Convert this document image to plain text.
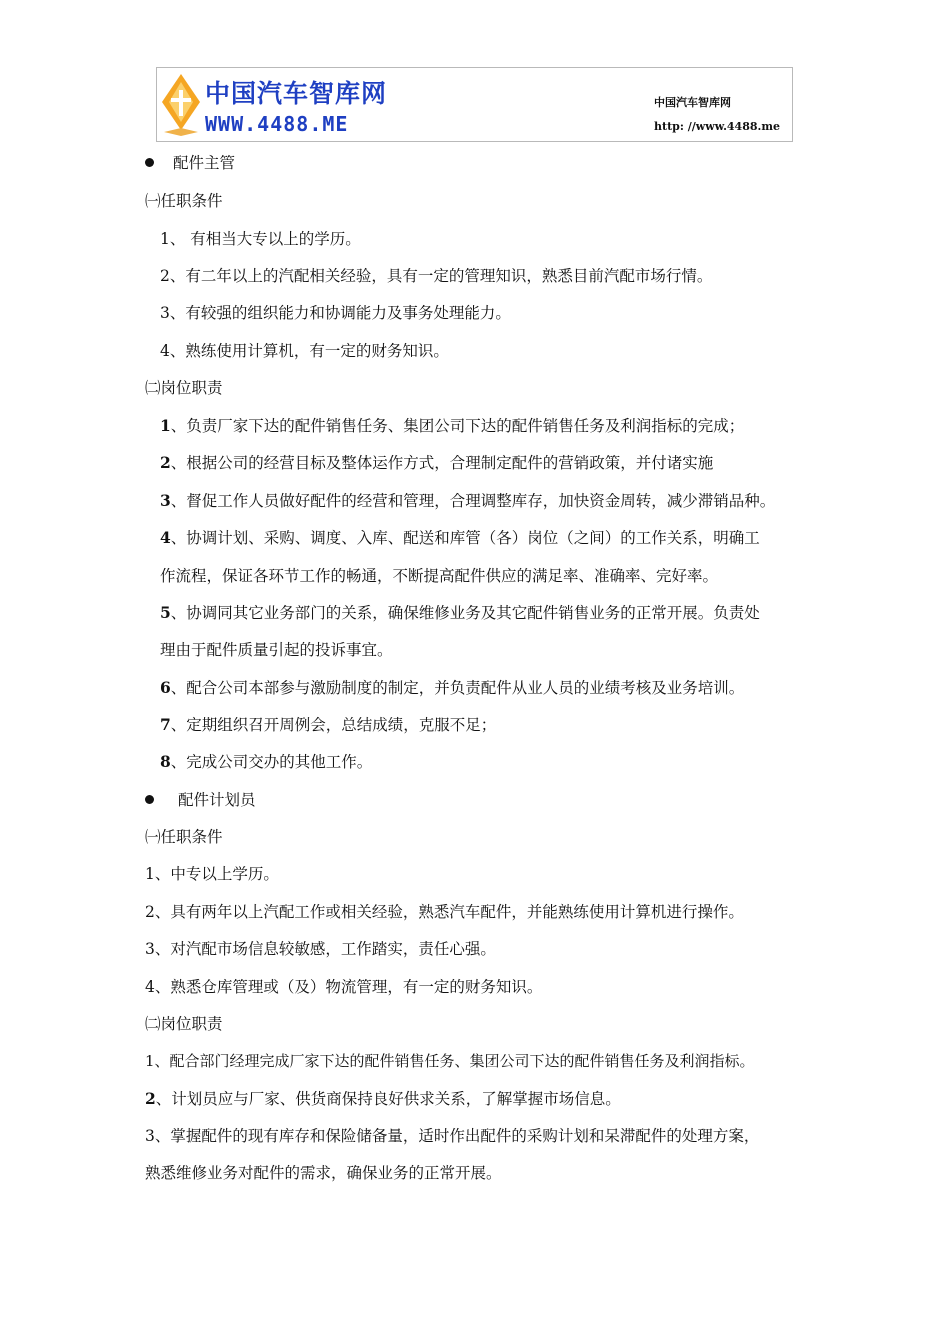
中国汽车智库网
WWW.4488.ME
中国汽车智库网
http: //www.4488.me
配件主管
㈠任职条件
1、 有相当大专以上的学历。
2、有二年以上的汽配相关经验，具有一定的管理知识，熟悉目前汽配市场行情。
3、有较强的组织能力和协调能力及事务处理能力。
4、熟练使用计算机，有一定的财务知识。
㈡岗位职责
1、负责厂家下达的配件销售任务、集团公司下达的配件销售任务及利润指标的完成；
2、根据公司的经营目标及整体运作方式，合理制定配件的营销政策，并付诸实施
3、督促工作人员做好配件的经营和管理，合理调整库存，加快资金周转，减少滞销品种。
4、协调计划、采购、调度、入库、配送和库管（各）岗位（之间）的工作关系，明确工
作流程，保证各环节工作的畅通，不断提高配件供应的满足率、准确率、完好率。
5、协调同其它业务部门的关系，确保维修业务及其它配件销售业务的正常开展。负责处
理由于配件质量引起的投诉事宜。
6、配合公司本部参与激励制度的制定，并负责配件从业人员的业绩考核及业务培训。
7、定期组织召开周例会，总结成绩，克服不足；
8、完成公司交办的其他工作。
配件计划员
㈠任职条件
1、中专以上学历。
2、具有两年以上汽配工作或相关经验，熟悉汽车配件，并能熟练使用计算机进行操作。
3、对汽配市场信息较敏感，工作踏实，责任心强。
4、熟悉仓库管理或（及）物流管理，有一定的财务知识。
㈡岗位职责
1、配合部门经理完成厂家下达的配件销售任务、集团公司下达的配件销售任务及利润指标。
2、计划员应与厂家、供货商保持良好供求关系，了解掌握市场信息。
3、掌握配件的现有库存和保险储备量，适时作出配件的采购计划和呆滞配件的处理方案，
熟悉维修业务对配件的需求，确保业务的正常开展。
